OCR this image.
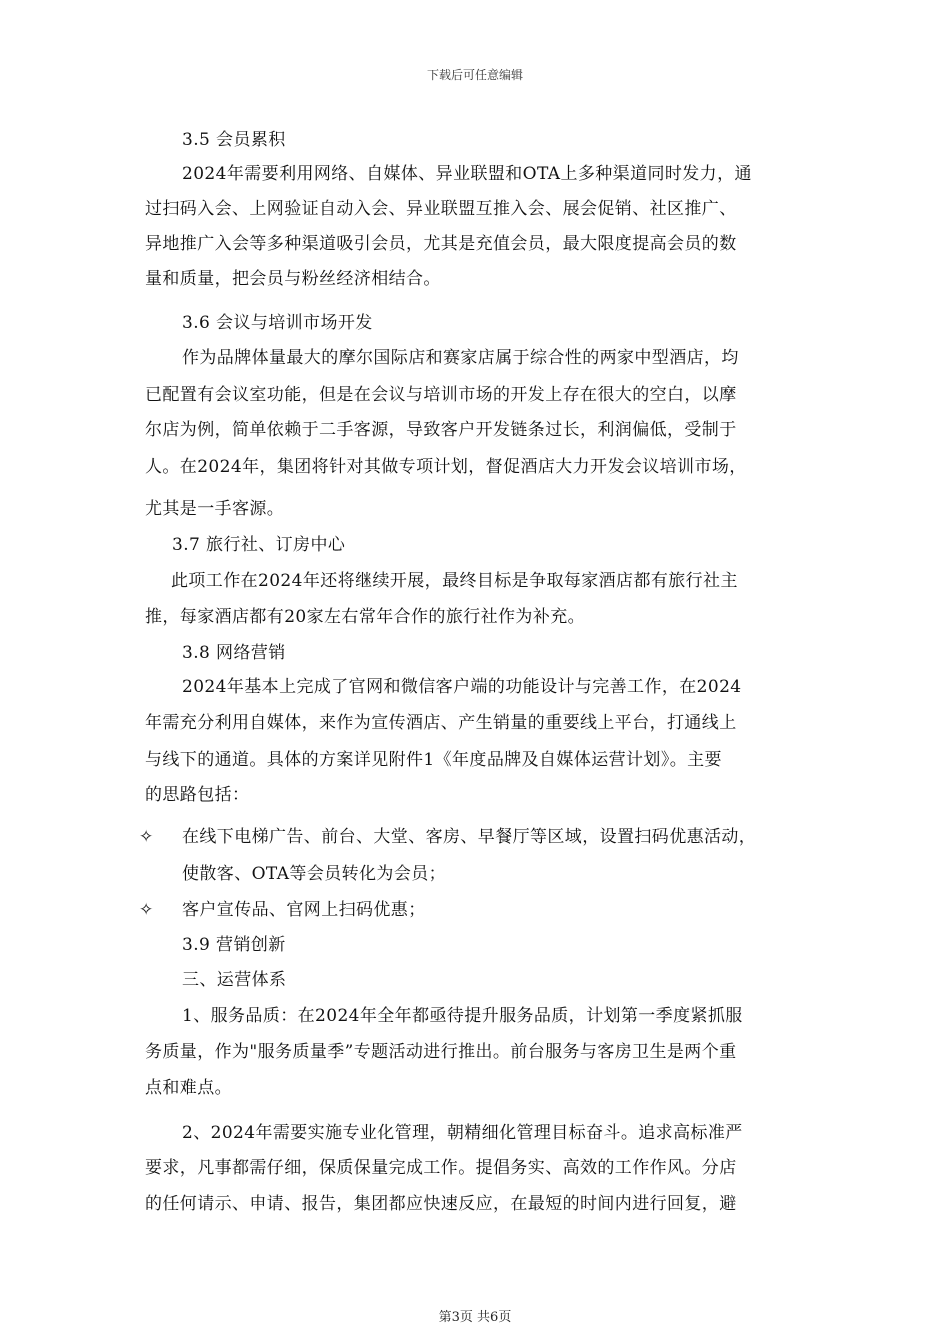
下载后可任意编辑
3.5 会员累积
2024年需要利用网络、自媒体、异业联盟和OTA上多种渠道同时发力，通
过扫码入会、上网验证自动入会、异业联盟互推入会、展会促销、社区推广、
异地推广入会等多种渠道吸引会员，尤其是充值会员，最大限度提高会员的数
量和质量，把会员与粉丝经济相结合。
3.6 会议与培训市场开发
作为品牌体量最大的摩尔国际店和赛家店属于综合性的两家中型酒店，均
已配置有会议室功能，但是在会议与培训市场的开发上存在很大的空白，以摩
尔店为例，简单依赖于二手客源，导致客户开发链条过长，利润偏低，受制于
人。在2024年，集团将针对其做专项计划，督促酒店大力开发会议培训市场，
尤其是一手客源。
3.7 旅行社、订房中心
此项工作在2024年还将继续开展，最终目标是争取每家酒店都有旅行社主
推，每家酒店都有20家左右常年合作的旅行社作为补充。
3.8 网络营销
2024年基本上完成了官网和微信客户端的功能设计与完善工作，在2024
年需充分利用自媒体，来作为宣传酒店、产生销量的重要线上平台，打通线上
与线下的通道。具体的方案详见附件1《年度品牌及自媒体运营计划》。主要
的思路包括：
✧ 在线下电梯广告、前台、大堂、客房、早餐厅等区域，设置扫码优惠活动，
使散客、OTA等会员转化为会员；
✧ 客户宣传品、官网上扫码优惠；
3.9 营销创新
三、运营体系
1、服务品质：在2024年全年都亟待提升服务品质，计划第一季度紧抓服
务质量，作为"服务质量季”专题活动进行推出。前台服务与客房卫生是两个重
点和难点。
2、2024年需要实施专业化管理，朝精细化管理目标奋斗。追求高标准严
要求，凡事都需仔细，保质保量完成工作。提倡务实、高效的工作作风。分店
的任何请示、申请、报告，集团都应快速反应，在最短的时间内进行回复，避
第3页 共6页
